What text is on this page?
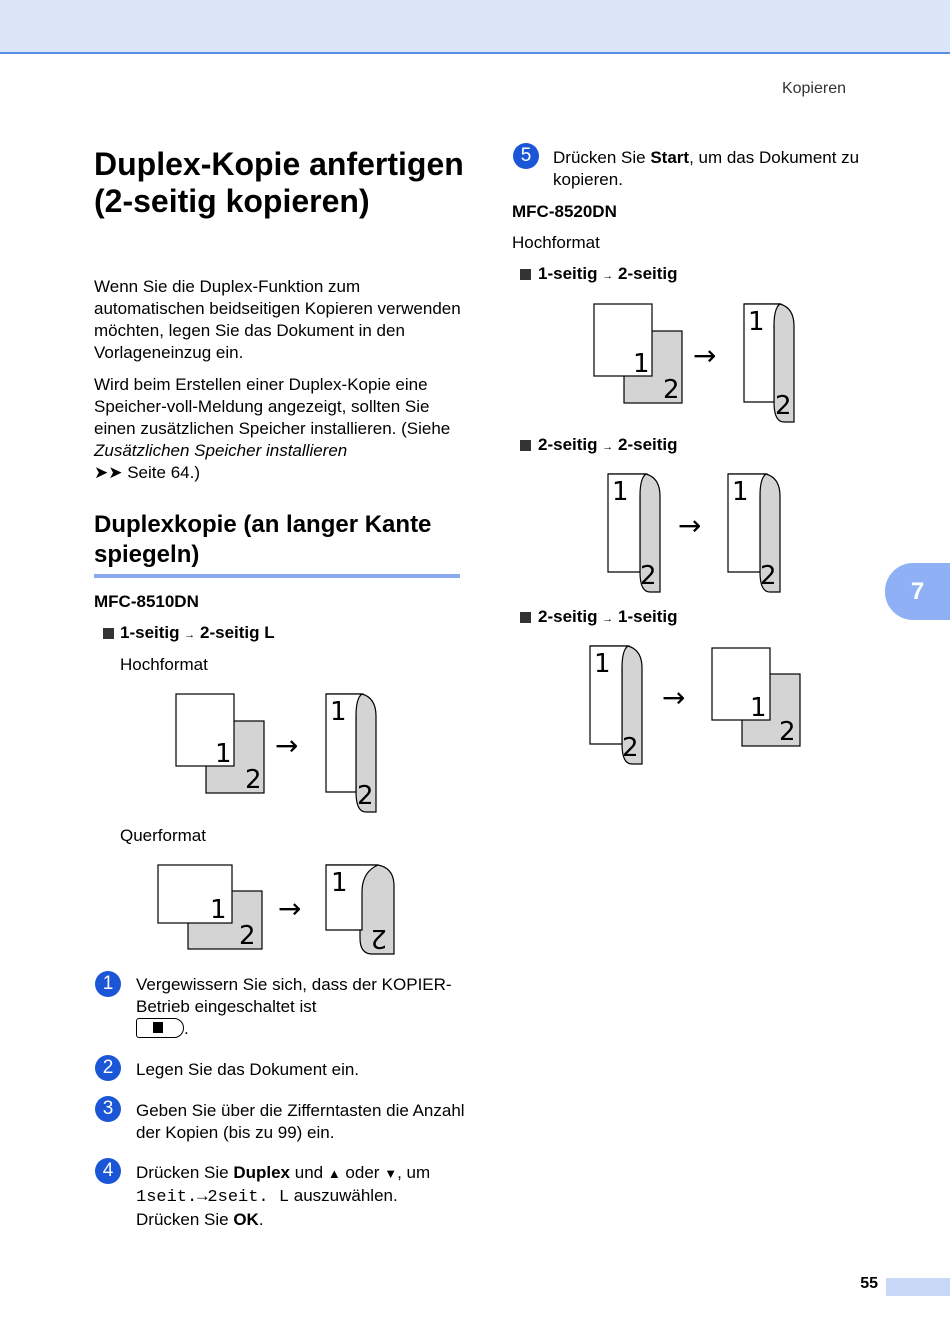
Kopieren
Duplex-Kopie anfertigen (2-seitig kopieren)

Wenn Sie die Duplex-Funktion zum automatischen beidseitigen Kopieren verwenden möchten, legen Sie das Dokument in den Vorlageneinzug ein.

Wird beim Erstellen einer Duplex-Kopie eine Speicher-voll-Meldung angezeigt, sollten Sie einen zusätzlichen Speicher installieren. (Siehe Zusätzlichen Speicher installieren
➤➤ Seite 64.)

Duplexkopie (an langer Kante spiegeln)
MFC-8510DN
1-seitig → 2-seitig L
Hochformat
1
2
→
1
2
Querformat
1
2
→
1
2
1	Vergewissern Sie sich, dass der KOPIER-Betrieb eingeschaltet ist

.
2	Legen Sie das Dokument ein.
3	Geben Sie über die Zifferntasten die Anzahl der Kopien (bis zu 99) ein.
4	Drücken Sie Duplex und ▲ oder ▼, um
1seit.→2seit. L auszuwählen.
Drücken Sie OK.
5	Drücken Sie Start, um das Dokument zu kopieren.
MFC-8520DN
Hochformat
1-seitig → 2-seitig
1
2
→
1
2
2-seitig → 2-seitig
1
2
→
1
2
2-seitig → 1-seitig
1
2
→ 1
2
7
55
